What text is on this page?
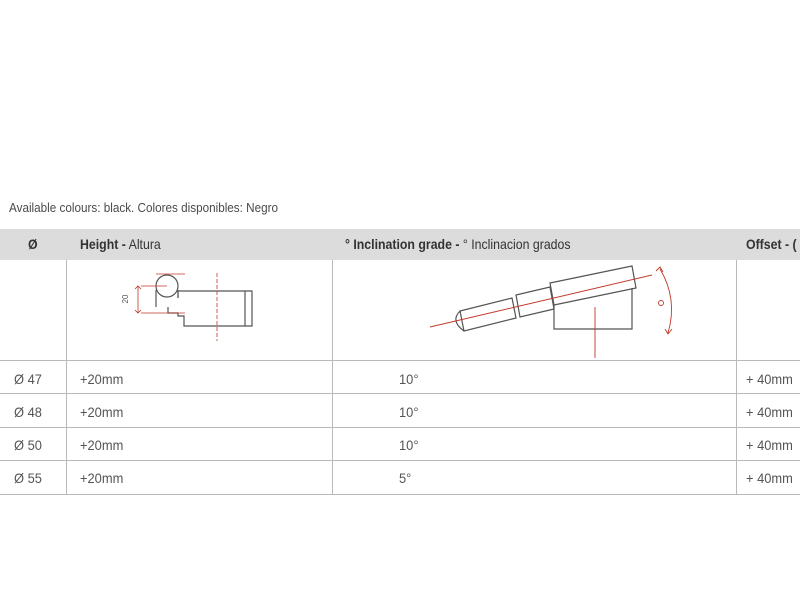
Available colours: black. Colores disponibles: Negro
Ø	Height - Altura	° Inclination grade - ° Inclinacion grados	Offset - (
20
Ø 47	+20mm	10°	+ 40mm
Ø 48	+20mm	10°	+ 40mm
Ø 50	+20mm	10°	+ 40mm
Ø 55	+20mm	5°	+ 40mm
